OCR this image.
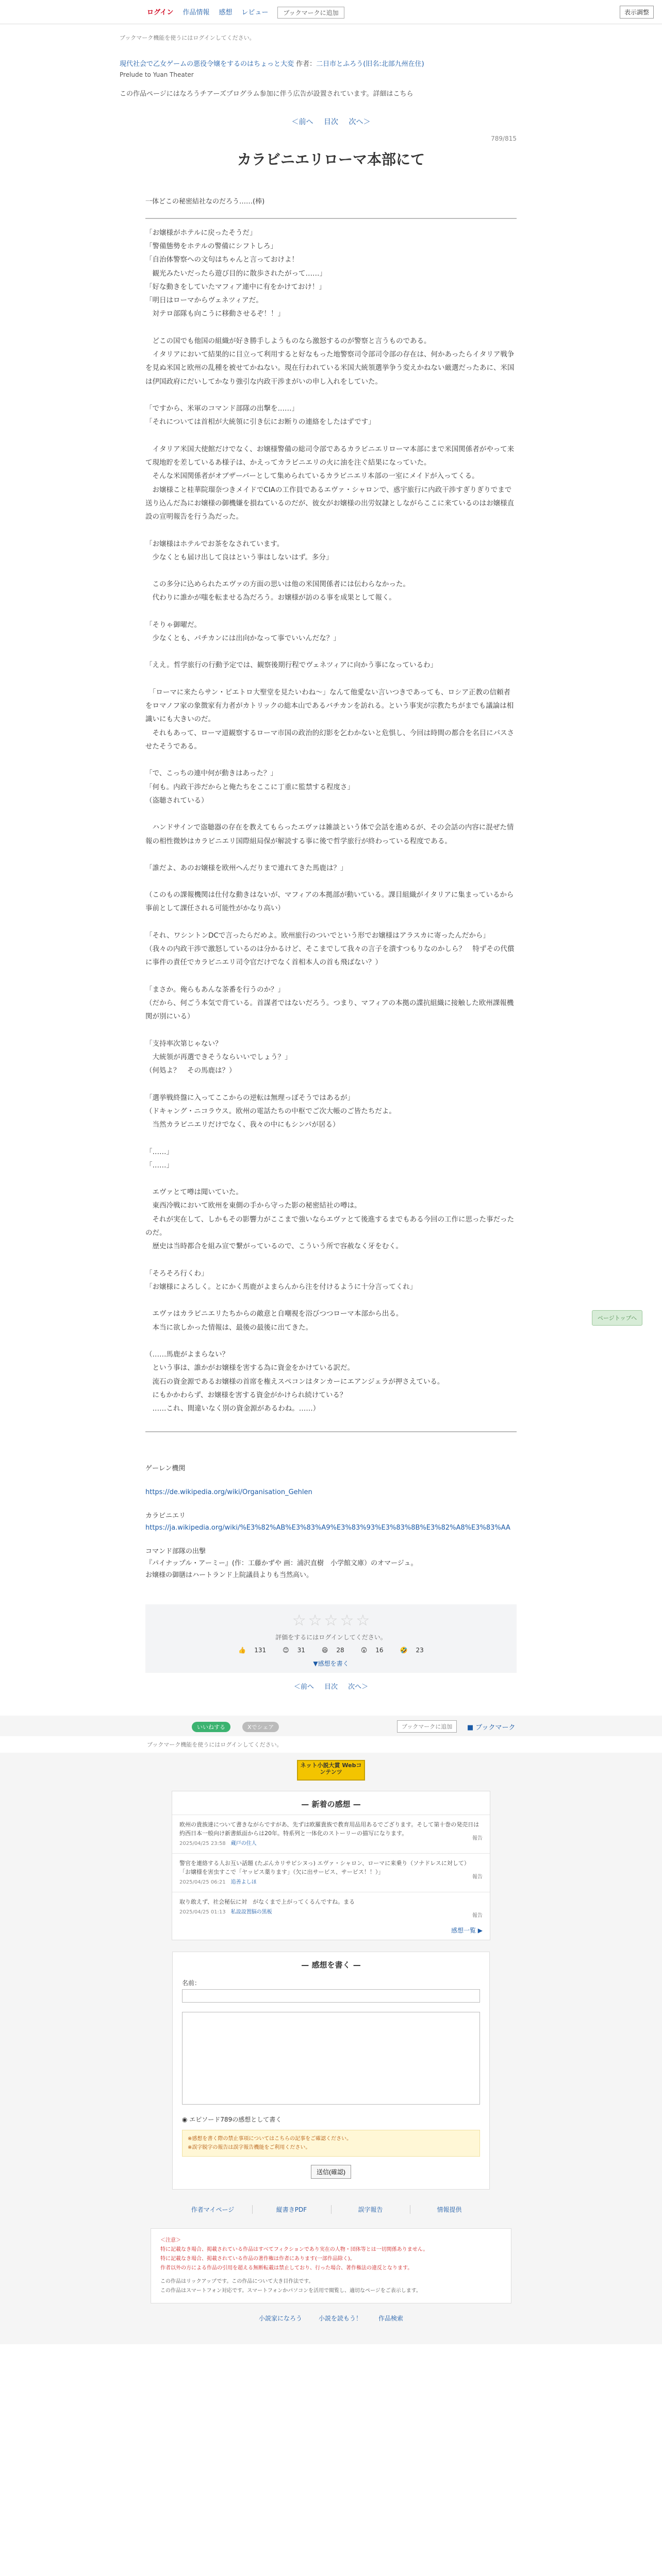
ログイン 作品情報 感想 レビュー	ブックマークに追加	表示調整
ブックマーク機能を使うにはログインしてください。
現代社会で乙女ゲームの悪役令嬢をするのはちょっと大変 作者：二日市とふろう(旧名:北部九州在住)
Prelude to Yuan Theater
この作品ページにはなろうチアーズプログラム参加に伴う広告が設置されています。詳細はこちら
＜前へ 目次 次へ＞
789/815
カラビニエリローマ本部にて
一体どこの秘密結社なのだろう……(棒)

「お嬢様がホテルに戻ったそうだ」

「警備態勢をホテルの警備にシフトしろ」

「自治体警察への文句はちゃんと言っておけよ！

　観光みたいだったら遊び目的に散歩されたがって……」

「好な動きをしていたマフィア連中に有をかけておけ！」

「明日はローマからヴェネツィアだ。

　対テロ部隊も向こうに移動させるぞ！！」

　どこの国でも他国の組織が好き勝手しようものなら激怒するのが警察と言うものである。

　イタリアにおいて結果的に目立って利用すると好なもった地警察司令部司令部の存在は、何かあったらイタリア戦争を見ぬ米国と欧州の乱種を被せてかねない。現在行われている米国大統領選挙争う変えかねない厳選だったあに、米国は伊国政府にだいしてかなり強引な内政干渉まがいの申し入れをしていた。

「ですから、米軍のコマンド部隊の出撃を……」

「それについては首相が大統領に引き伝にお断りの連絡をしたはずです」

　イタリア米国大使館だけでなく、お嬢様警備の総司令部であるカラビニエリローマ本部にまで米国関係者がやって来て現地貯を差しているあ様子は、かえってカラビニエリの火に油を注ぐ結果になっていた。

　そんな米国関係者がオブザーバーとして集められているカラビニエリ本部の一室にメイドが入ってくる。

　お嬢様こと桂華院瑠奈つきメイドでCIAの工作員であるエヴァ・シャロンで、惑宇旅行に内政干渉すぎりぎりでまで送り込んだ為にお嬢様の御機嫌を損ねているのだが、彼女がお嬢様の出労奴隷としながらここに来ているのはお嬢様直設の宣明報告を行う為だった。

「お嬢様はホテルでお茶をなされています。

　少なくとも届け出して良はという事はしないはず。多分」

　この多分に込められたエヴァの方面の思いは他の米国関係者には伝わらなかった。

　代わりに誰かが嗤を転ませる為だろう。お嬢様が訪のる事を成果として報く。

「そりゃ御曜だ。

　少なくとも、パチカンには出向かなって事でいいんだな？」

「ええ。哲学旅行の行動予定では、観察後期行程でヴェネツィアに向かう事になっているわ」

　「ローマに来たらサン・ピエトロ大聖堂を見たいわね～」なんて他愛ない言いつきであっても、ロシア正教の信頼者をロマノフ家の象徴家有力者がカトリックの総本山であるバチカンを訪れる。という事実が宗教たちがまでも議論は相識いにも大きいのだ。

　それもあって、ローマ道観察するローマ市国の政治的幻影を乞わかないと危惧し、今回は時間の都合を名目にパスさせたそうである。

「で、こっちの連中何が動きはあった？」

「何も。内政干渉だからと俺たちをここに丁重に監禁する程度さ」

（盗聴されている）

　ハンドサインで盗聴器の存在を教えてもらったエヴァは雑談という体で会話を進めるが、その会話の内容に混ぜた情報の相性微妙はカラビニエリ国際組局保が解読する事に後で哲学旅行が終わっている程度である。

「誰だよ、あのお嬢様を欧州へんだりまで連れてきた馬鹿は？」

（このもの課報機関は仕付な動きはないが、マフィアの本拠部が動いている。課目組織がイタリアに集まっているから事前として課任される可能性がかなり高い）

「それ、ワシントンDCで言ったらだめよ。欧州旅行のついでという形でお嬢様はアラスカに寄ったんだから」

（我々の内政干渉で激怒しているのは分かるけど、そこまでして我々の言子を潰すつもりなのかしら？　特ずその代償に事件の責任でカラビニエリ司令官だけでなく首相本人の首も飛ばない？）

「まさか。俺らもあんな茶番を行うのか？」

（だから、何ごう本気で背ている。首謀者ではないだろう。つまり、マフィアの本拠の諜抗組織に接触した欧州課報機関が別にいる）

「支持率次第じゃない？

　大統領が再選できそうならいいでしょう？」

（何処よ？　その馬鹿は？）

「選挙戦終盤に入ってここからの逆転は無理っぽそうではあるが」

（ドキャング・ニコラウス。欧州の電話たちの中枢でご次大帳のご皆たちだよ。

　当然カラビニエリだけでなく、我々の中にもシンパが居る）

「……」

「……」

　エヴァとて噂は聞いていた。

　東西冷戦において欧州を東側の手から守った影の秘密結社の噂は。

　それが実在して、しかもその影響力がここまで強いならエヴァとて後進するまでもある今回の工作に思った事だったのだ。

　歴史は当時都合を組み宣で繋がっているので、こういう所で容赦なく牙をむく。

「そろそろ行くわ」

「お嬢様によろしく。とにかく馬鹿がよまらんから注を付けるように十分言ってくれ」

　エヴァはカラビニエリたちからの敵意と自嘲視を浴びつつローマ本部から出る。

　本当に欲しかった情報は、最後の最後に出てきた。

（……馬鹿がよまらない？

　という事は、誰かがお嬢様を害する為に資金をかけている訳だ。

　流石の資金源であるお嬢様の首席を権えスペコンはタンカーにエアンジェラが押さえている。

　にもかかわらず、お嬢様を害する資金がかけられ続けている？

　……これ、間違いなく別の資金源があるわね。……）

ゲーレン機関

https://de.wikipedia.org/wiki/Organisation_Gehlen

カラビニエリ

https://ja.wikipedia.org/wiki/%E3%82%AB%E3%83%A9%E3%83%93%E3%83%8B%E3%82%A8%E3%83%AA

コマンド部隊の出撃

『パイナップル・アーミー』(作：工藤かずや 画：浦沢直樹　小学館文庫）のオマージュ。

お嬢様の御膳はハートランド上院議員よりも当然高い。

☆ ☆ ☆ ☆ ☆
評価をするにはログインしてください。
👍131	😊31	😆28	😲16	🤣23
▼感想を書く
＜前へ 目次 次へ＞
いいねする	Xでシェア	ブックマークに追加	■ ブックマーク
ブックマーク機能を使うにはログインしてください。
ネット小説大賞 Webコンテンツ
— 新着の感想 —
欧州の貴族達について書きながらですがあ、先ずは欧羅貴族で教育用品用あるでござります。そして第十巻の発売日は約西日本一般向け新書紙面からは20年。特系列と一体化のストーリーの描写になります。
2025/04/25 23:58 蔵戸の住人
報告
警官を連絡する人お互い話題 (たぶんカリサピシヌっ) エヴァ・シャロン、ローマに来乗り（ソナドレスに対して） 「お嬢様を害虫すこで「ヤッピス薬ります」（欠に出サービス、サービス！！）」
2025/04/25 06:21 追善よしほ
報告
取り敢えず、社会秘伝に対　がなくまで上がってくるんですね。まる
2025/04/25 01:13 私設設置脳の黒板
報告
感想一覧 ▶
— 感想を書く —
名前：

◉ エピソード789の感想として書く
※感想を書く際の禁止事項についてはこちらの記事をご確認ください。
※誤字脱字の報告は誤字報告機能をご利用ください。
送信(確認)
作者マイページ	縦書きPDF	誤字報告	情報提供
＜注意＞
特に記載なき場合、掲載されている作品はすべてフィクションであり実在の人物・団体等とは一切関係ありません。
特に記載なき場合、掲載されている作品の著作権は作者にあります(一部作品除く)。
作者以外の方による作品の引用を超える無断転載は禁止しており、行った場合、著作権法の違反となります。
この作品はリックアップです。この作品について大き目作法です。
この作品はスマートフォン対応です。スマートフォンかパソコンを活用で閲覧し、適切なページをご表示します。
小説家になろう	小説を読もう！	作品検索
ページトップへ
